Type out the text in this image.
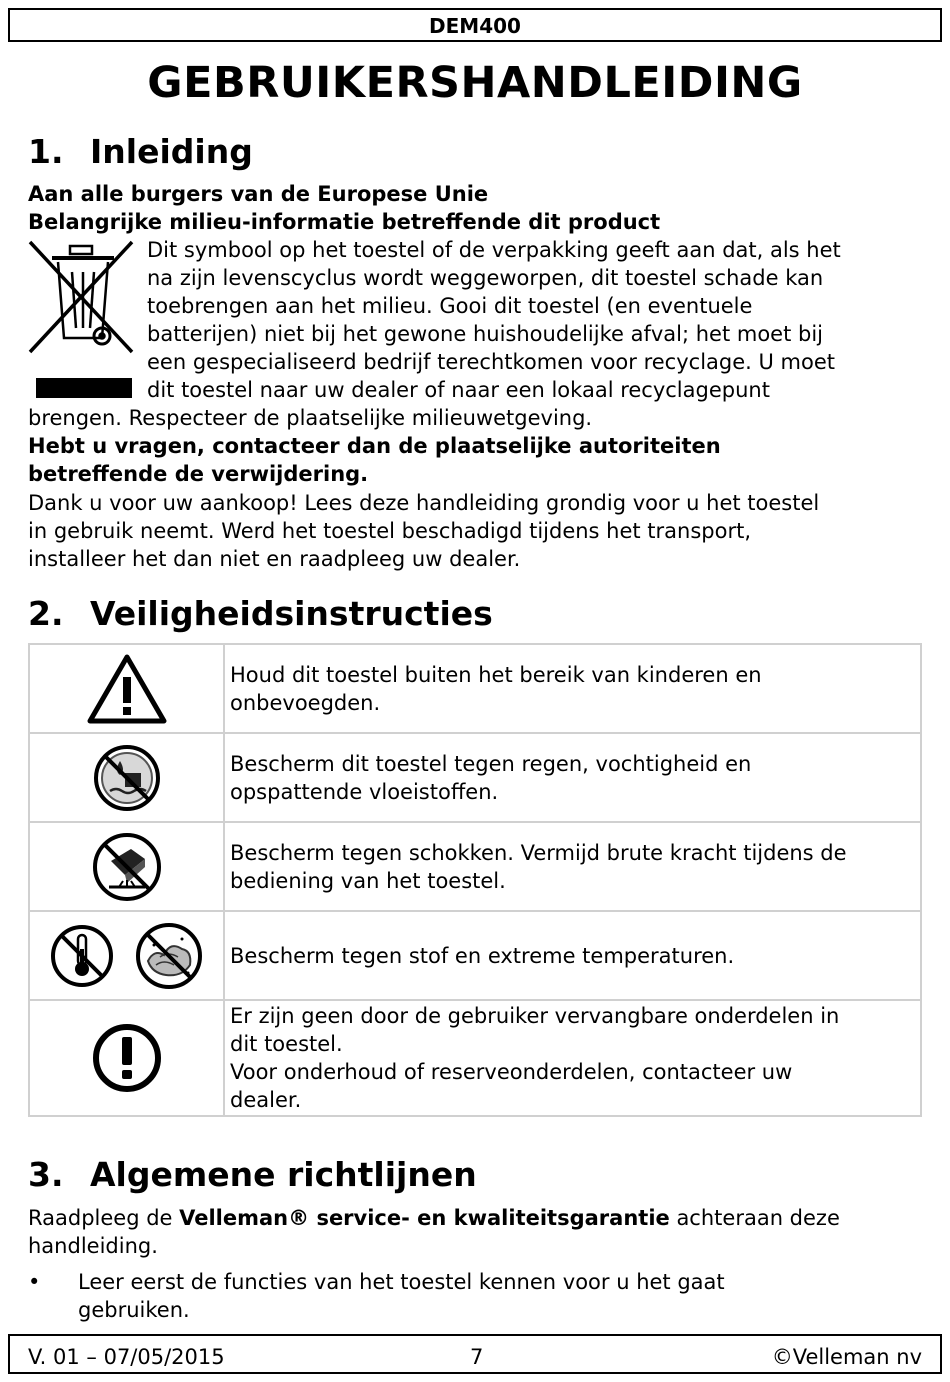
DEM400
GEBRUIKERSHANDLEIDING
1. Inleiding
Aan alle burgers van de Europese Unie
Belangrijke milieu-informatie betreffende dit product
Dit symbool op het toestel of de verpakking geeft aan dat, als het
na zijn levenscyclus wordt weggeworpen, dit toestel schade kan
toebrengen aan het milieu. Gooi dit toestel (en eventuele
batterijen) niet bij het gewone huishoudelijke afval; het moet bij
een gespecialiseerd bedrijf terechtkomen voor recyclage. U moet
dit toestel naar uw dealer of naar een lokaal recyclagepunt
brengen. Respecteer de plaatselijke milieuwetgeving.
Hebt u vragen, contacteer dan de plaatselijke autoriteiten
betreffende de verwijdering.
Dank u voor uw aankoop! Lees deze handleiding grondig voor u het toestel
in gebruik neemt. Werd het toestel beschadigd tijdens het transport,
installeer het dan niet en raadpleeg uw dealer.
2. Veiligheidsinstructies

Houd dit toestel buiten het bereik van kinderen en
onbevoegden.

Bescherm dit toestel tegen regen, vochtigheid en
opspattende vloeistoffen.

Bescherm tegen schokken. Vermijd brute kracht tijdens de
bediening van het toestel.

Bescherm tegen stof en extreme temperaturen.

Er zijn geen door de gebruiker vervangbare onderdelen in
dit toestel.
Voor onderhoud of reserveonderdelen, contacteer uw
dealer.
3. Algemene richtlijnen
Raadpleeg de Velleman® service- en kwaliteitsgarantie achteraan deze
handleiding.
• Leer eerst de functies van het toestel kennen voor u het gaat
gebruiken.
V. 01 – 07/05/2015	7	©Velleman nv
